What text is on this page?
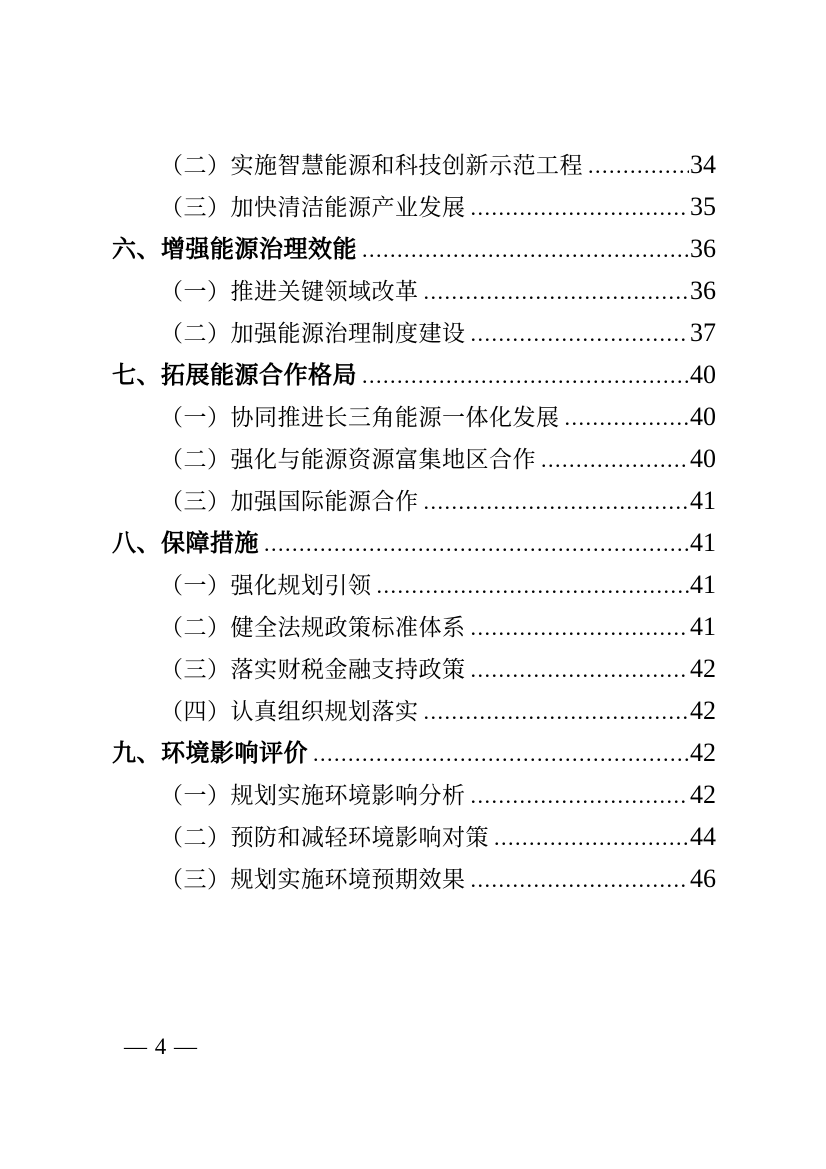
（二）实施智慧能源和科技创新示范工程 .....	34
（三）加快清洁能源产业发展 .....	35
六、增强能源治理效能 .....	36
（一）推进关键领域改革 .....	36
（二）加强能源治理制度建设 .....	37
七、拓展能源合作格局 .....	40
（一）协同推进长三角能源一体化发展 .....	40
（二）强化与能源资源富集地区合作 .....	40
（三）加强国际能源合作 .....	41
八、保障措施 .....	41
（一）强化规划引领 .....	41
（二）健全法规政策标准体系 .....	41
（三）落实财税金融支持政策 .....	42
（四）认真组织规划落实 .....	42
九、环境影响评价 .....	42
（一）规划实施环境影响分析 .....	42
（二）预防和减轻环境影响对策 .....	44
（三）规划实施环境预期效果 .....	46
— 4 —
